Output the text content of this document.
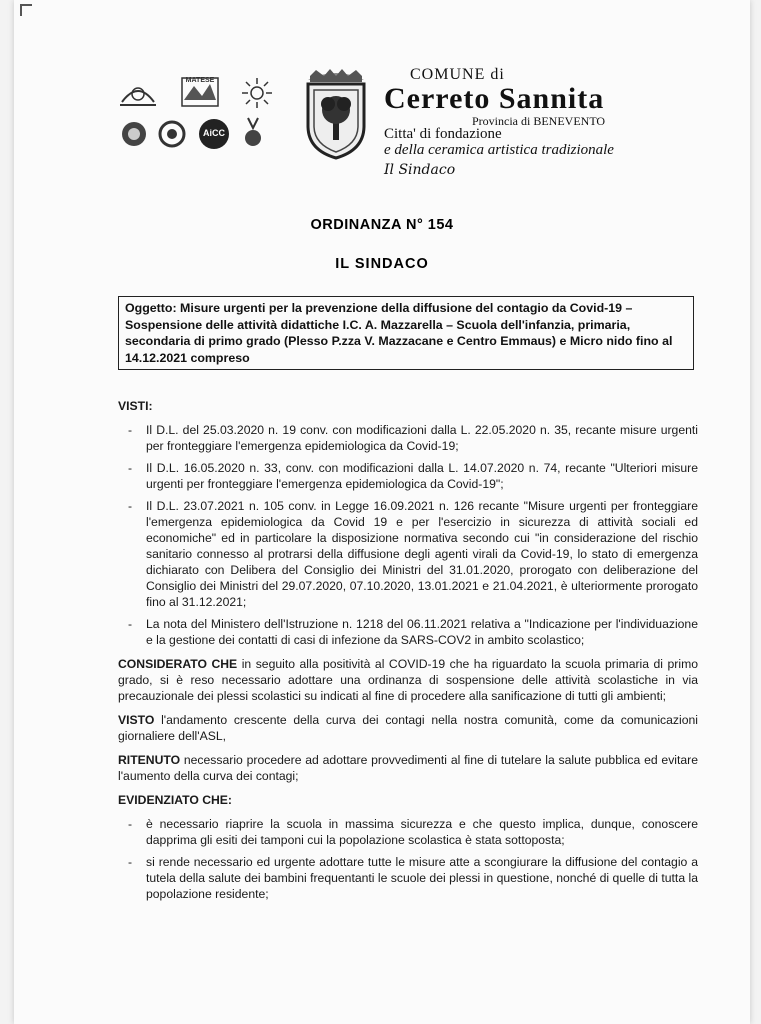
MATESE
AiCC
COMUNE di
Cerreto Sannita
Provincia di BENEVENTO
Citta' di fondazione
e della ceramica artistica tradizionale
Il Sindaco
ORDINANZA N° 154
IL SINDACO
Oggetto: Misure urgenti per la prevenzione della diffusione del contagio da Covid-19 – Sospensione delle attività didattiche I.C. A. Mazzarella – Scuola dell'infanzia, primaria, secondaria di primo grado (Plesso P.zza V. Mazzacane e Centro Emmaus) e Micro nido fino al 14.12.2021 compreso
VISTI:
- Il D.L. del 25.03.2020 n. 19 conv. con modificazioni dalla L. 22.05.2020 n. 35, recante misure urgenti per fronteggiare l'emergenza epidemiologica da Covid-19;
- Il D.L. 16.05.2020 n. 33, conv. con modificazioni dalla L. 14.07.2020 n. 74, recante "Ulteriori misure urgenti per fronteggiare l'emergenza epidemiologica da Covid-19";
- Il D.L. 23.07.2021 n. 105 conv. in Legge 16.09.2021 n. 126 recante "Misure urgenti per fronteggiare l'emergenza epidemiologica da Covid 19 e per l'esercizio in sicurezza di attività sociali ed economiche" ed in particolare la disposizione normativa secondo cui "in considerazione del rischio sanitario connesso al protrarsi della diffusione degli agenti virali da Covid-19, lo stato di emergenza dichiarato con Delibera del Consiglio dei Ministri del 31.01.2020, prorogato con deliberazione del Consiglio dei Ministri del 29.07.2020, 07.10.2020, 13.01.2021 e 21.04.2021, è ulteriormente prorogato fino al 31.12.2021;
- La nota del Ministero dell'Istruzione n. 1218 del 06.11.2021 relativa a "Indicazione per l'individuazione e la gestione dei contatti di casi di infezione da SARS-COV2 in ambito scolastico;

CONSIDERATO CHE in seguito alla positività al COVID-19 che ha riguardato la scuola primaria di primo grado, si è reso necessario adottare una ordinanza di sospensione delle attività scolastiche in via precauzionale dei plessi scolastici su indicati al fine di procedere alla sanificazione di tutti gli ambienti;

VISTO l'andamento crescente della curva dei contagi nella nostra comunità, come da comunicazioni giornaliere dell'ASL,

RITENUTO necessario procedere ad adottare provvedimenti al fine di tutelare la salute pubblica ed evitare l'aumento della curva dei contagi;

EVIDENZIATO CHE:
- è necessario riaprire la scuola in massima sicurezza e che questo implica, dunque, conoscere dapprima gli esiti dei tamponi cui la popolazione scolastica è stata sottoposta;
- si rende necessario ed urgente adottare tutte le misure atte a scongiurare la diffusione del contagio a tutela della salute dei bambini frequentanti le scuole dei plessi in questione, nonché di quelle di tutta la popolazione residente;
